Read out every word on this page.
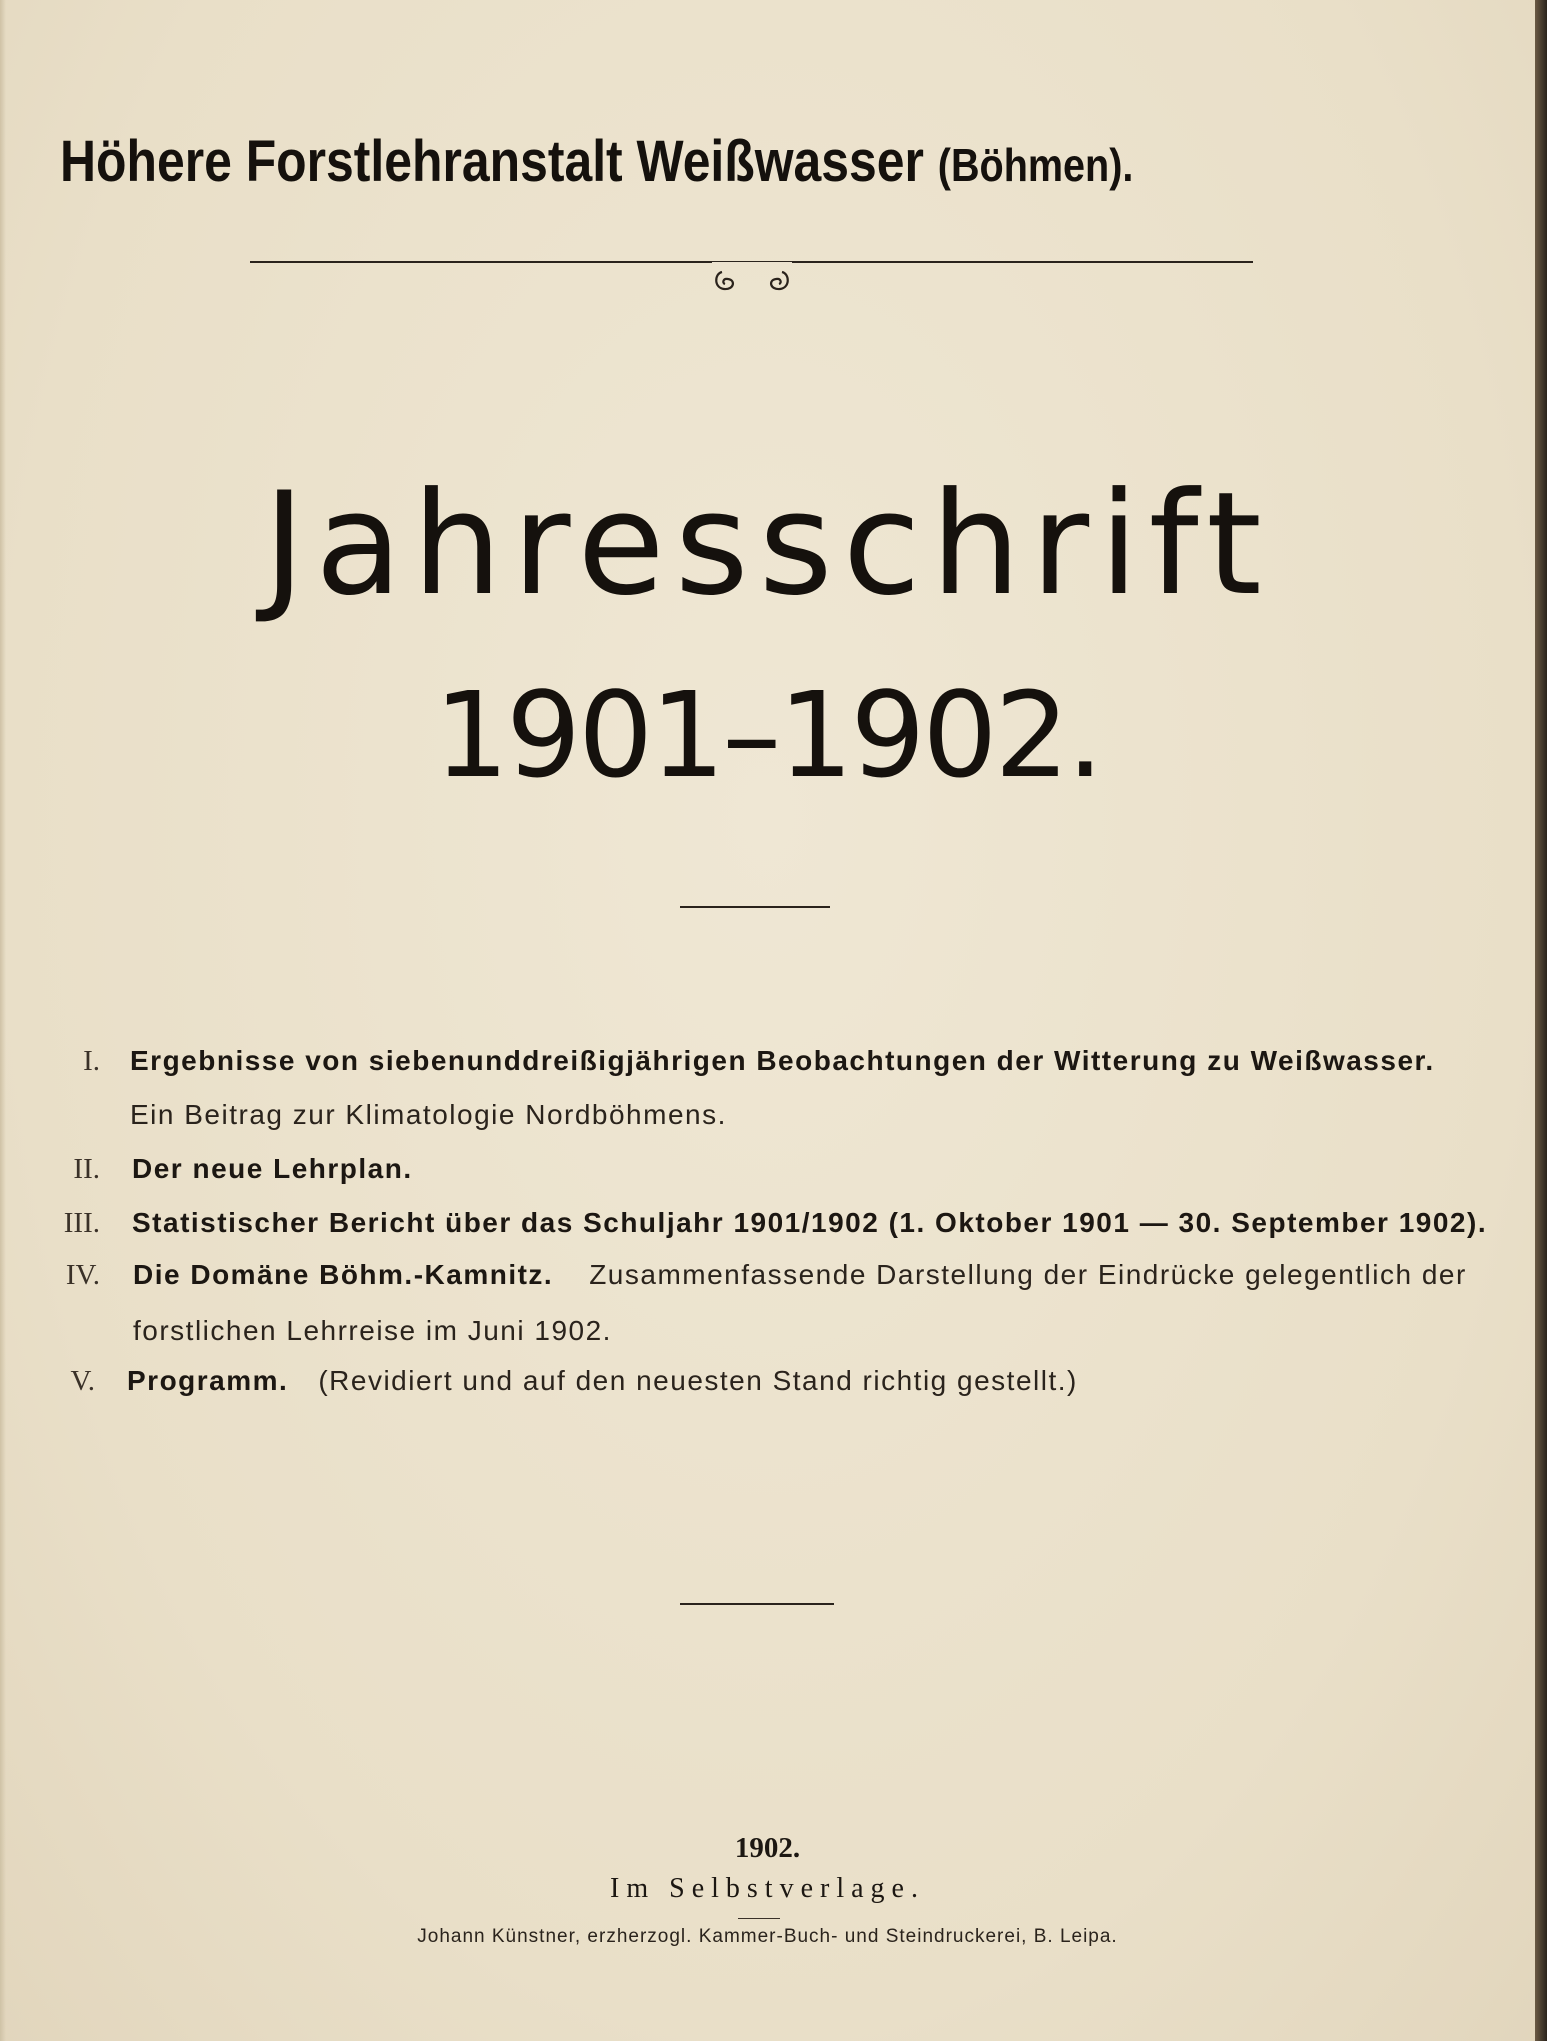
Höhere Forstlehranstalt Weißwasser (Böhmen).
Jahresschrift
1901–1902.
I. Ergebnisse von siebenunddreißigjährigen Beobachtungen der Witterung zu Weißwasser.
Ein Beitrag zur Klimatologie Nordböhmens.
II. Der neue Lehrplan.
III. Statistischer Bericht über das Schuljahr 1901/1902 (1. Oktober 1901 — 30. September 1902).
IV. Die Domäne Böhm.-Kamnitz. Zusammenfassende Darstellung der Eindrücke gelegentlich der
forstlichen Lehrreise im Juni 1902.
V. Programm. (Revidiert und auf den neuesten Stand richtig gestellt.)
1902.
Im Selbstverlage.
Johann Künstner, erzherzogl. Kammer-Buch- und Steindruckerei, B. Leipa.
